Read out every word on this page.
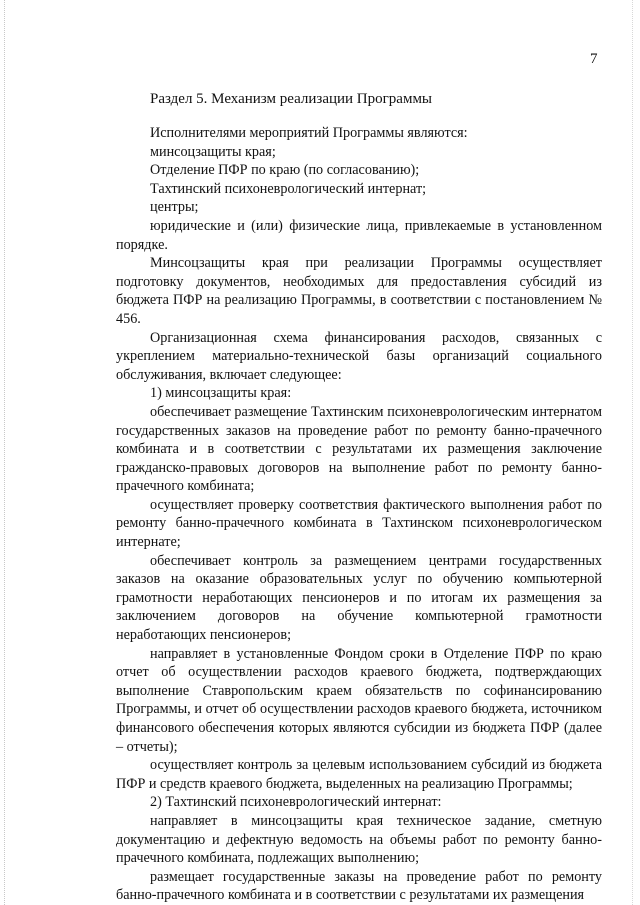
7
Раздел 5. Механизм реализации Программы

Исполнителями мероприятий Программы являются:

минсоцзащиты края;

Отделение ПФР по краю (по согласованию);

Тахтинский психоневрологический интернат;

центры;

юридические и (или) физические лица, привлекаемые в установленном порядке.

Минсоцзащиты края при реализации Программы осуществляет подготовку документов, необходимых для предоставления субсидий из бюджета ПФР на реализацию Программы, в соответствии с постановлением № 456.

Организационная схема финансирования расходов, связанных с укреплением материально-технической базы организаций социального обслуживания, включает следующее:

1) минсоцзащиты края:

обеспечивает размещение Тахтинским психоневрологическим интернатом государственных заказов на проведение работ по ремонту банно-прачечного комбината и в соответствии с результатами их размещения заключение гражданско-правовых договоров на выполнение работ по ремонту банно-прачечного комбината;

осуществляет проверку соответствия фактического выполнения работ по ремонту банно-прачечного комбината в Тахтинском психоневрологическом интернате;

обеспечивает контроль за размещением центрами государственных заказов на оказание образовательных услуг по обучению компьютерной грамотности неработающих пенсионеров и по итогам их размещения за заключением договоров на обучение компьютерной грамотности неработающих пенсионеров;

направляет в установленные Фондом сроки в Отделение ПФР по краю отчет об осуществлении расходов краевого бюджета, подтверждающих выполнение Ставропольским краем обязательств по софинансированию Программы, и отчет об осуществлении расходов краевого бюджета, источником финансового обеспечения которых являются субсидии из бюджета ПФР (далее – отчеты);

осуществляет контроль за целевым использованием субсидий из бюджета ПФР и средств краевого бюджета, выделенных на реализацию Программы;

2) Тахтинский психоневрологический интернат:

направляет в минсоцзащиты края техническое задание, сметную документацию и дефектную ведомость на объемы работ по ремонту банно-прачечного комбината, подлежащих выполнению;

размещает государственные заказы на проведение работ по ремонту банно-прачечного комбината и в соответствии с результатами их размещения
